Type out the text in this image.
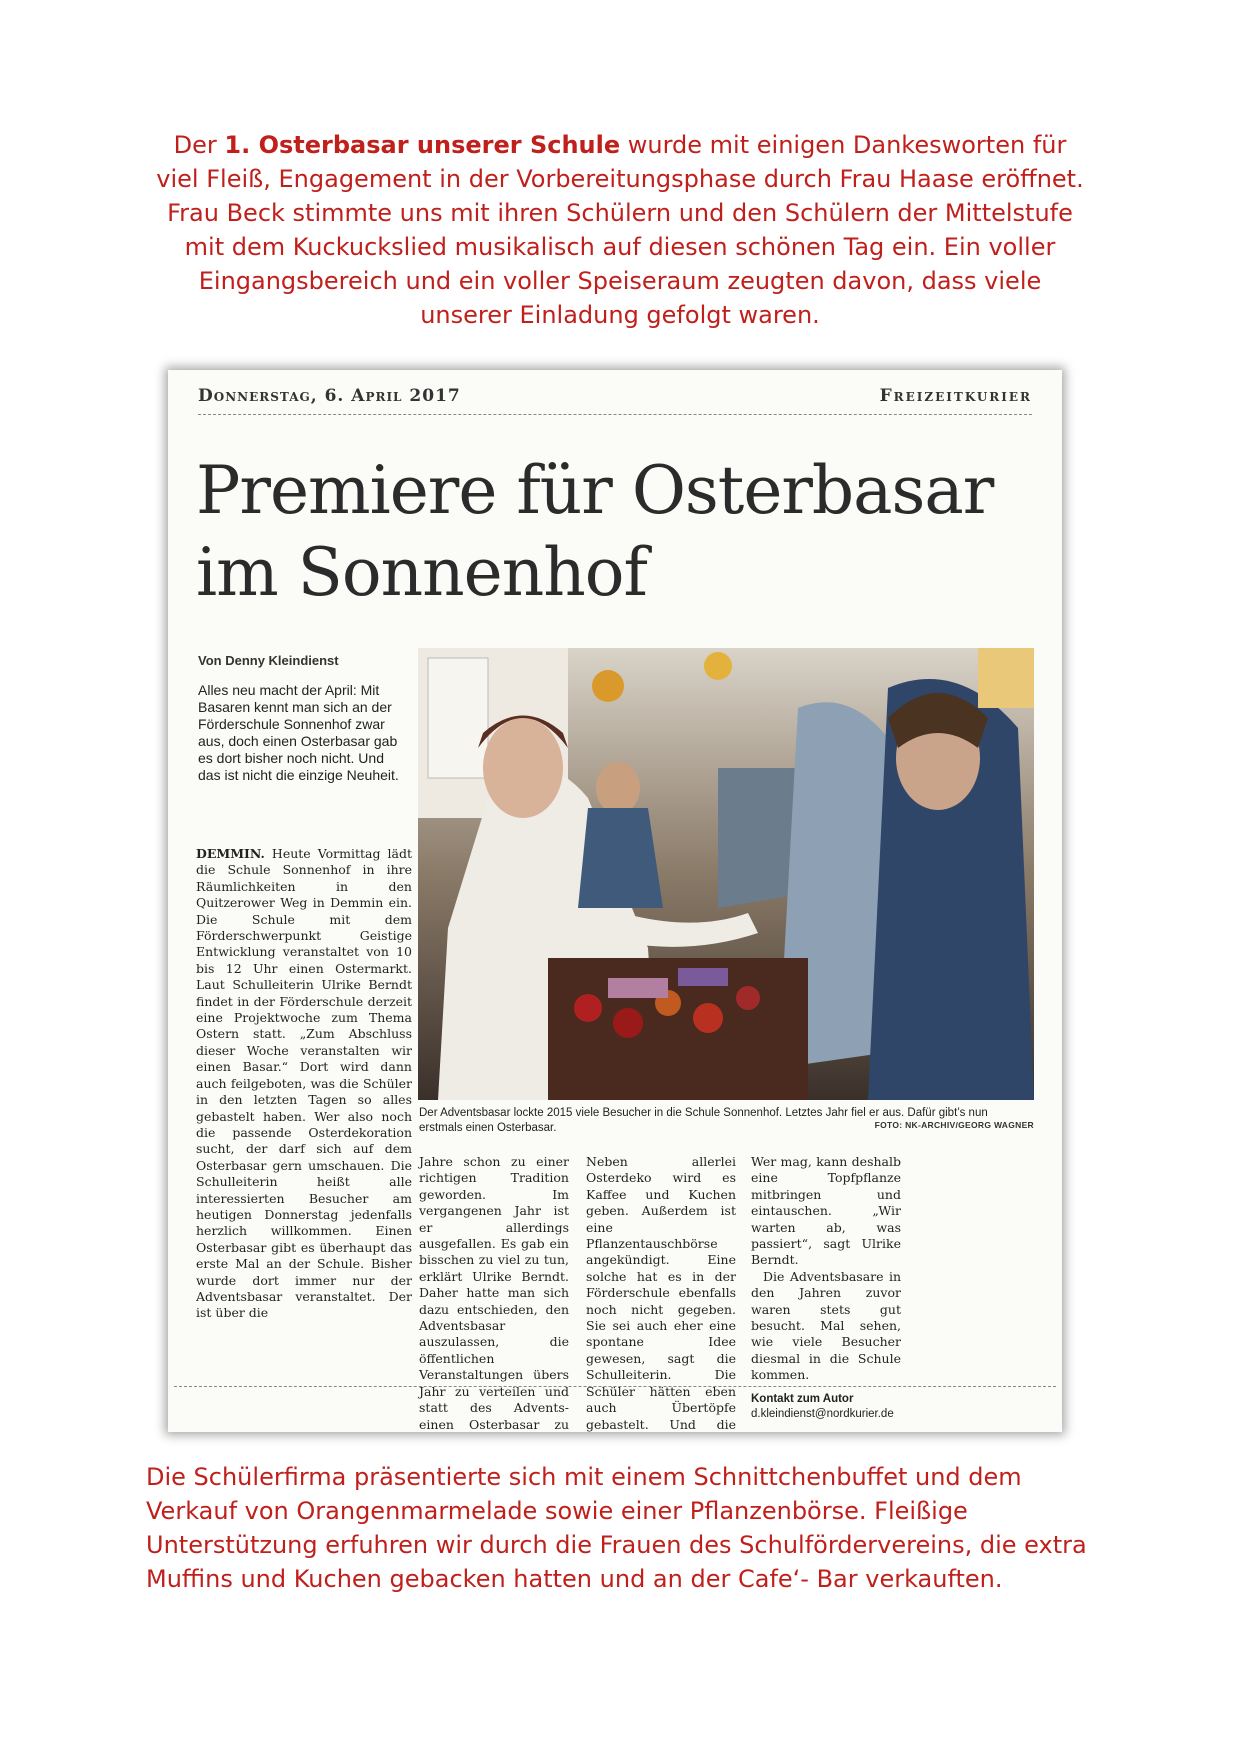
Der 1. Osterbasar unserer Schule wurde mit einigen Dankesworten für viel Fleiß, Engagement in der Vorbereitungsphase durch Frau Haase eröffnet. Frau Beck stimmte uns mit ihren Schülern und den Schülern der Mittelstufe mit dem Kuckuckslied musikalisch auf diesen schönen Tag ein. Ein voller Eingangsbereich und ein voller Speiseraum zeugten davon, dass viele unserer Einladung gefolgt waren.
Donnerstag, 6. April 2017	Freizeitkurier
Premiere für Osterbasar
im Sonnenhof
Von Denny Kleindienst
Alles neu macht der April: Mit Basaren kennt man sich an der Förderschule Sonnenhof zwar aus, doch einen Osterbasar gab es dort bisher noch nicht. Und das ist nicht die einzige Neuheit.
DEMMIN. Heute Vormittag lädt die Schule Sonnenhof in ihre Räumlichkeiten in den Quitzerower Weg in Demmin ein. Die Schule mit dem Förderschwerpunkt Geistige Entwicklung veranstaltet von 10 bis 12 Uhr einen Ostermarkt. Laut Schulleiterin Ulrike Berndt findet in der Förderschule derzeit eine Projektwoche zum Thema Ostern statt. „Zum Abschluss dieser Woche veranstalten wir einen Basar.“ Dort wird dann auch feilgeboten, was die Schüler in den letzten Tagen so alles gebastelt haben. Wer also noch die passende Osterdekoration sucht, der darf sich auf dem Osterbasar gern umschauen. Die Schulleiterin heißt alle interessierten Besucher am heutigen Donnerstag jedenfalls herzlich willkommen. Einen Osterbasar gibt es überhaupt das erste Mal an der Schule. Bisher wurde dort immer nur der Adventsbasar veranstaltet. Der ist über die
Der Adventsbasar lockte 2015 viele Besucher in die Schule Sonnenhof. Letztes Jahr fiel er aus. Dafür gibt’s nun erstmals einen Osterbasar.	FOTO: NK-ARCHIV/GEORG WAGNER
Jahre schon zu einer richtigen Tradition geworden. Im vergangenen Jahr ist er allerdings ausgefallen. Es gab ein bisschen zu viel zu tun, erklärt Ulrike Berndt. Daher hatte man sich dazu entschieden, den Adventsbasar auszulassen, die öffentlichen Veranstaltungen übers Jahr zu verteilen und statt des Advents- einen Osterbasar zu
Neben allerlei Osterdeko wird es Kaffee und Kuchen geben. Außerdem ist eine Pflanzentauschbörse angekündigt. Eine solche hat es in der Förderschule ebenfalls noch nicht gegeben. Sie sei auch eher eine spontane Idee gewesen, sagt die Schulleiterin. Die Schüler hätten eben auch Übertöpfe gebastelt. Und die
Wer mag, kann deshalb eine Topfpflanze mitbringen und eintauschen. „Wir warten ab, was passiert“, sagt Ulrike Berndt.
Die Adventsbasare in den Jahren zuvor waren stets gut besucht. Mal sehen, wie viele Besucher diesmal in die Schule kommen.
Kontakt zum Autor
d.kleindienst@nordkurier.de
Die Schülerfirma präsentierte sich mit einem Schnittchenbuffet und dem Verkauf von Orangenmarmelade sowie einer Pflanzenbörse. Fleißige Unterstützung erfuhren wir durch die Frauen des Schulfördervereins, die extra Muffins und Kuchen gebacken hatten und an der Cafe‘- Bar verkauften.
